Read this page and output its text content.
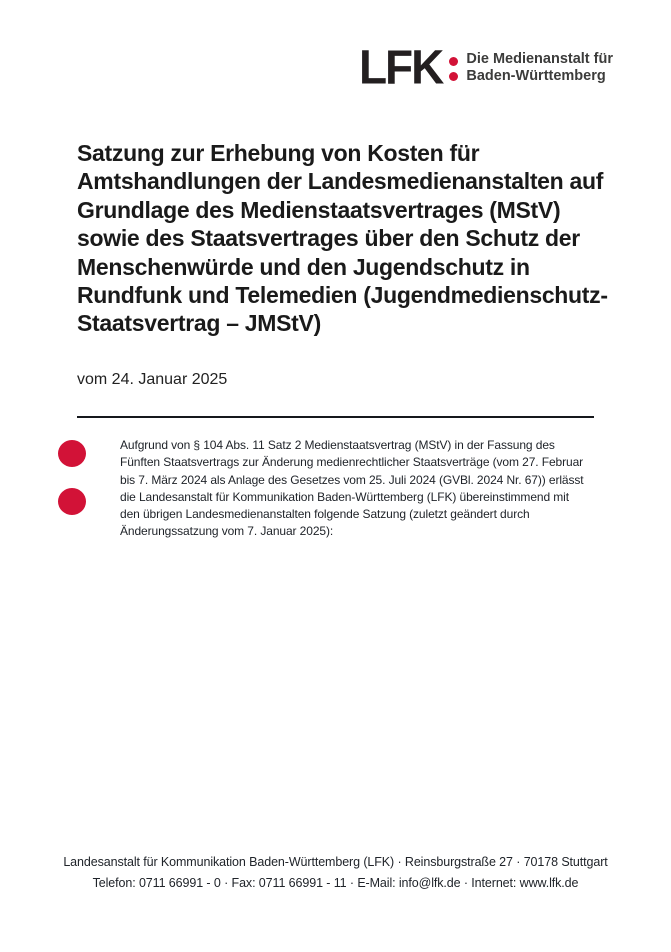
LFK Die Medienanstalt für
Baden-Württemberg
Satzung zur Erhebung von Kosten für
Amtshandlungen der Landesmedienanstalten auf
Grundlage des Medienstaatsvertrages (MStV)
sowie des Staatsvertrages über den Schutz der
Menschenwürde und den Jugendschutz in
Rundfunk und Telemedien (Jugendmedienschutz-
Staatsvertrag – JMStV)
vom 24. Januar 2025
Aufgrund von § 104 Abs. 11 Satz 2 Medienstaatsvertrag (MStV) in der Fassung des Fünften Staatsvertrags zur Änderung medienrechtlicher Staatsverträge (vom 27. Februar bis 7. März 2024 als Anlage des Gesetzes vom 25. Juli 2024 (GVBl. 2024 Nr. 67)) erlässt die Landesanstalt für Kommunikation Baden-Württemberg (LFK) übereinstimmend mit den übrigen Landesmedienanstalten folgende Satzung (zuletzt geändert durch Änderungssatzung vom 7. Januar 2025):
Landesanstalt für Kommunikation Baden-Württemberg (LFK) · Reinsburgstraße 27 · 70178 Stuttgart
Telefon: 0711 66991 - 0 · Fax: 0711 66991 - 11 · E-Mail: info@lfk.de · Internet: www.lfk.de
